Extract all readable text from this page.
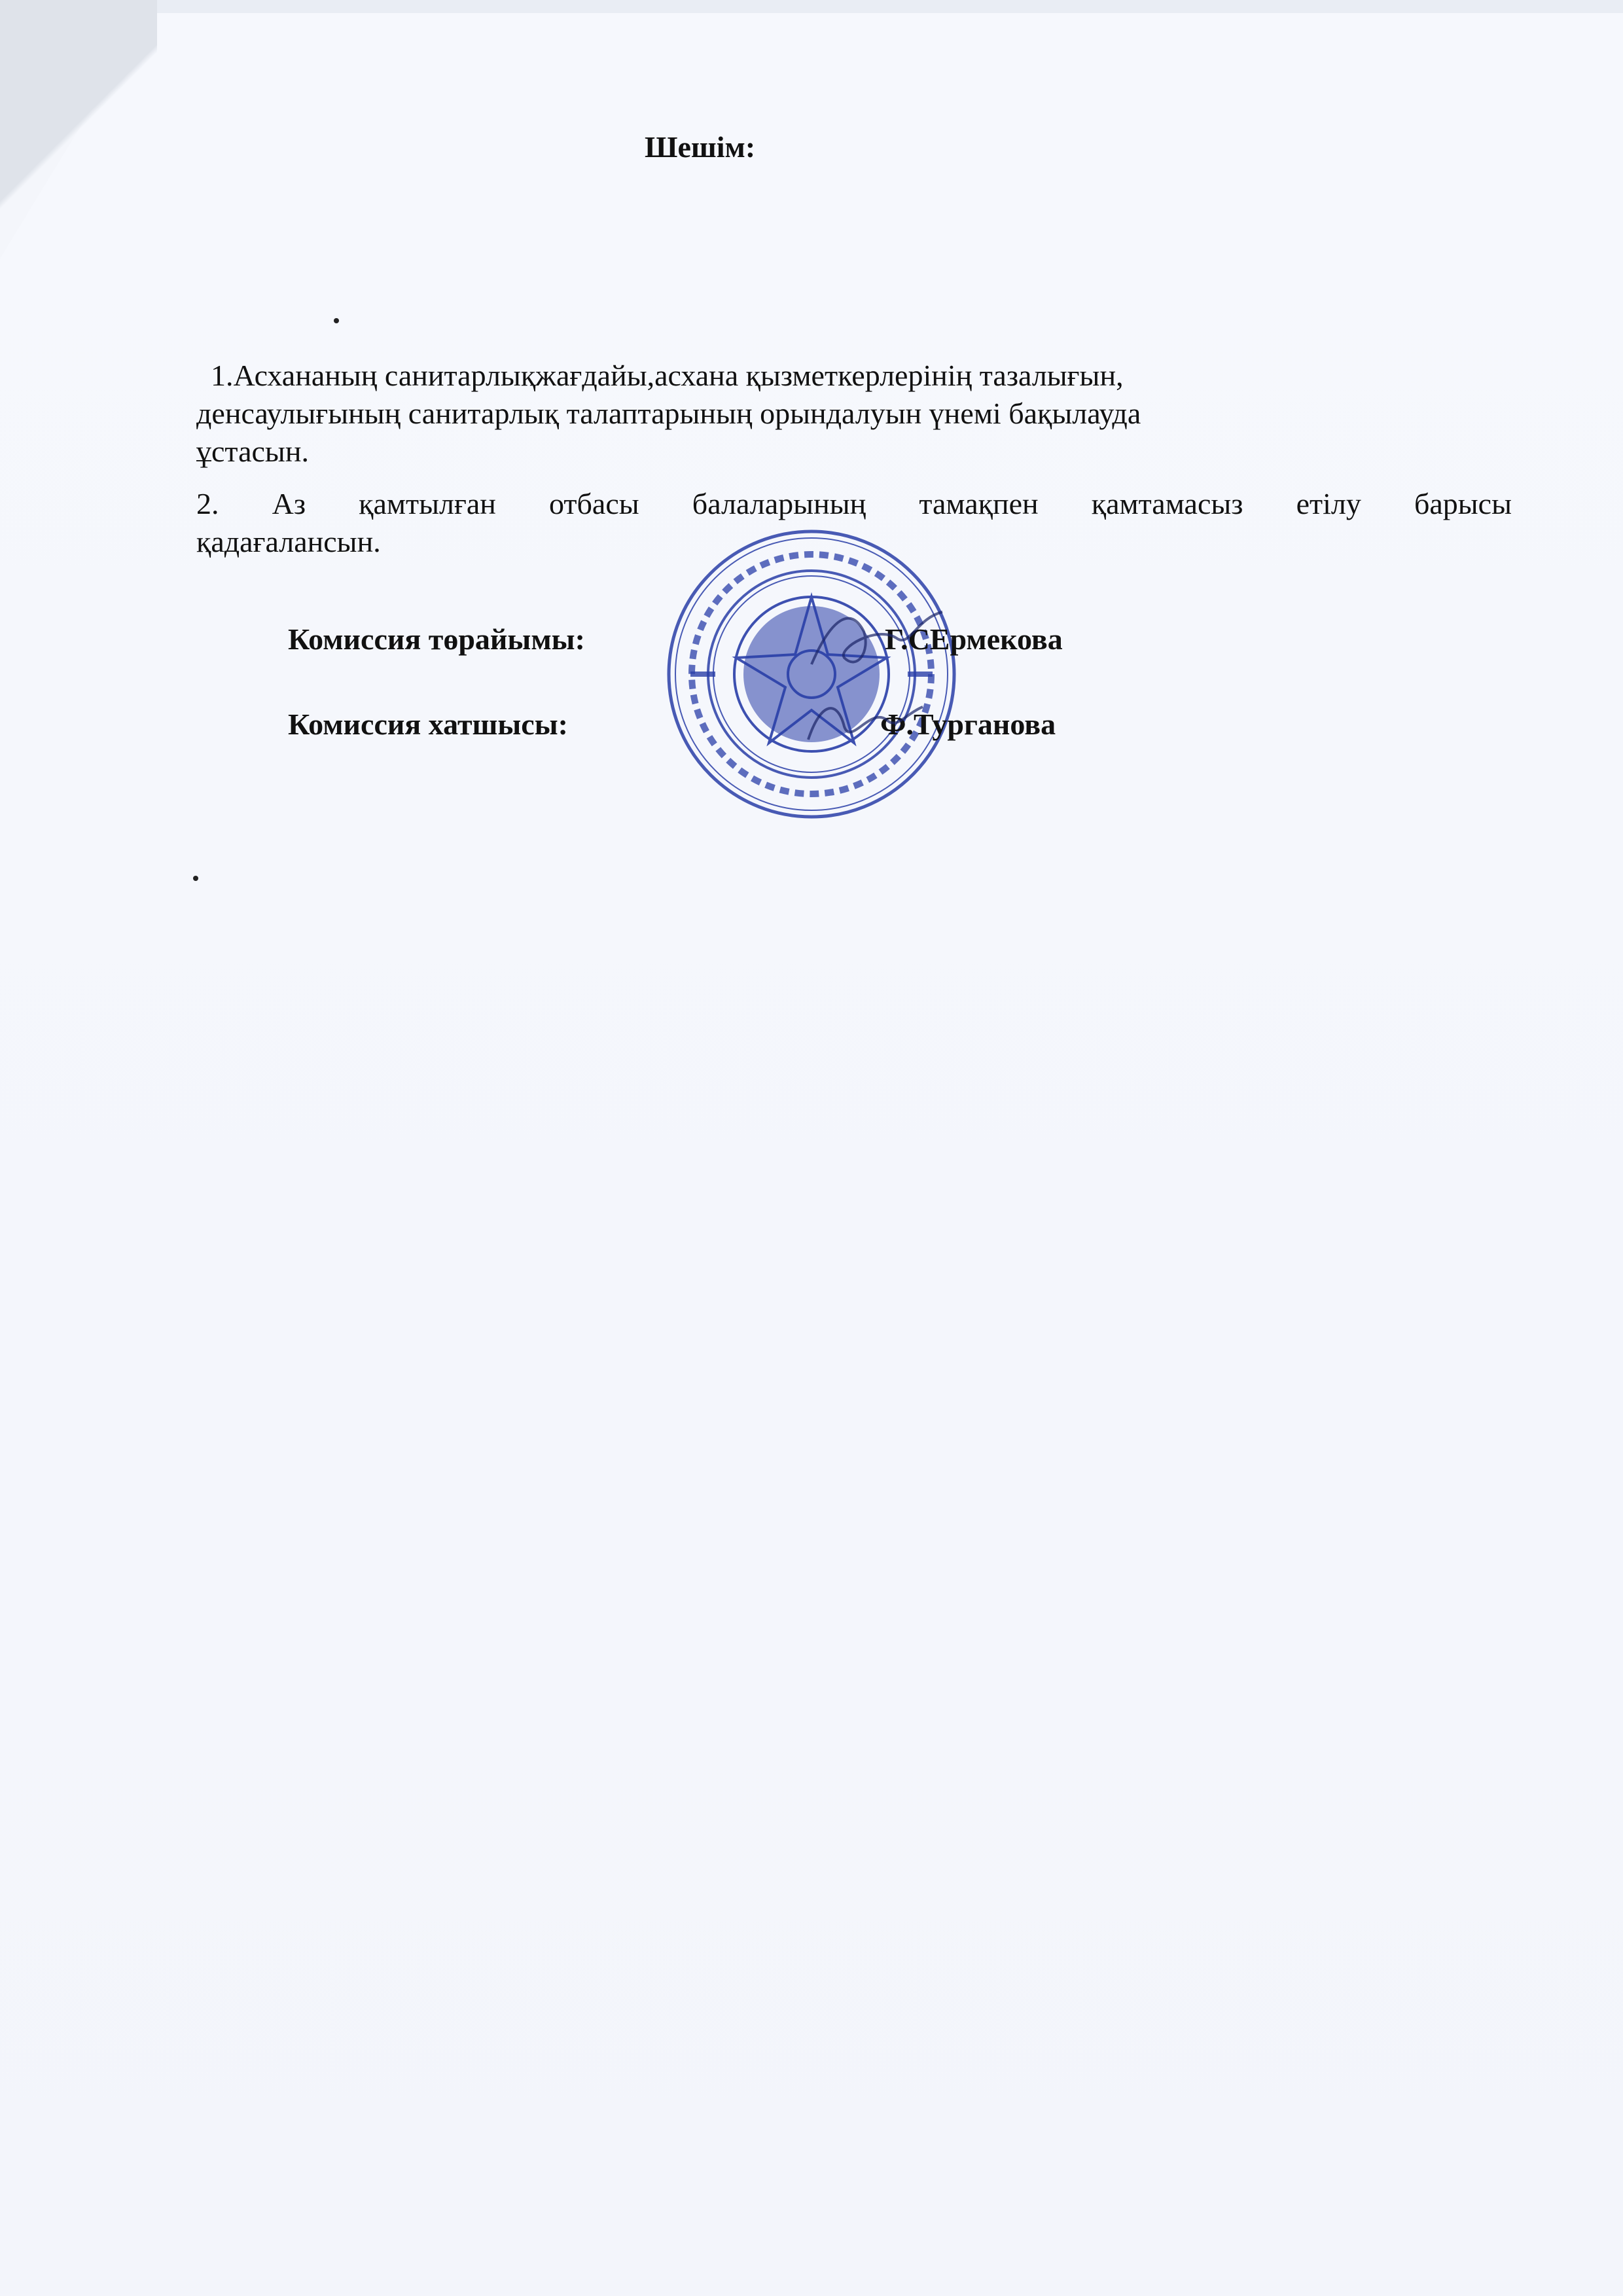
Шешім:

1.Асхананың санитарлықжағдайы,асхана қызметкерлерінің тазалығын,
денсаулығының санитарлық талаптарының орындалуын үнемі бақылауда
ұстасын.

2. Аз қамтылған отбасы балаларының тамақпен қамтамасыз етілу барысы

қадағалансын.

Комиссия төрайымы:	Г.СЕрмекова
Комиссия хатшысы:	Ф.Турганова
